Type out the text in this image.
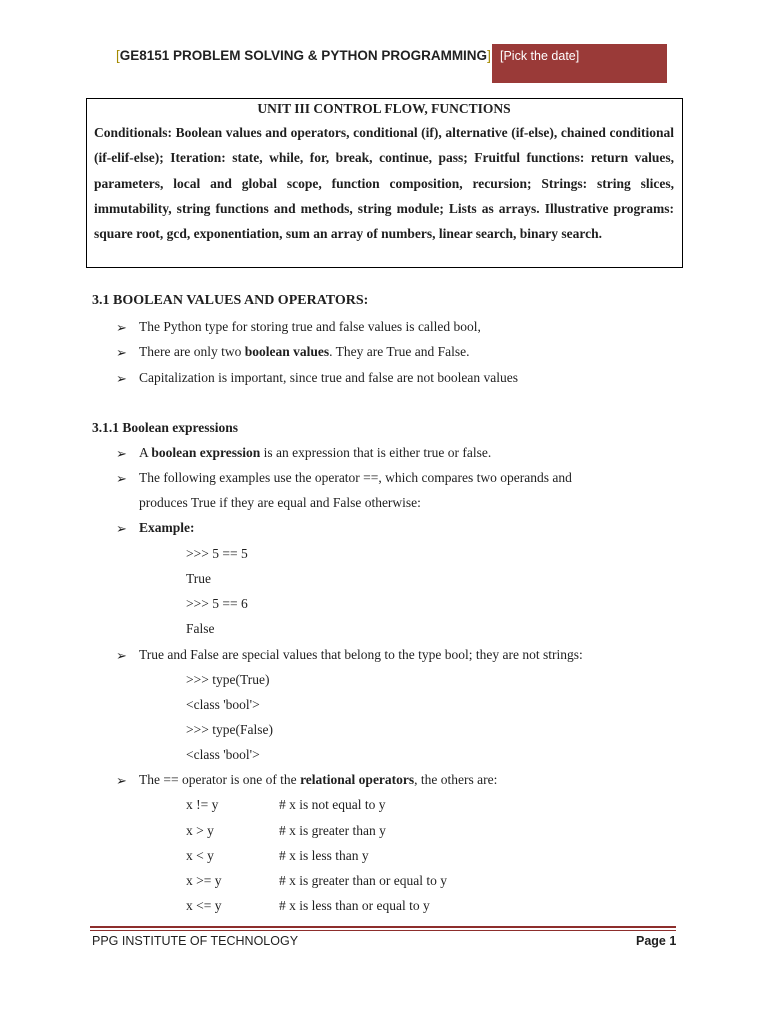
[GE8151 PROBLEM SOLVING & PYTHON PROGRAMMING] [Pick the date]
UNIT III CONTROL FLOW, FUNCTIONS
Conditionals: Boolean values and operators, conditional (if), alternative (if-else), chained conditional (if-elif-else); Iteration: state, while, for, break, continue, pass; Fruitful functions: return values, parameters, local and global scope, function composition, recursion; Strings: string slices, immutability, string functions and methods, string module; Lists as arrays. Illustrative programs: square root, gcd, exponentiation, sum an array of numbers, linear search, binary search.
3.1 BOOLEAN VALUES AND OPERATORS:
➢ The Python type for storing true and false values is called bool,
➢ There are only two boolean values. They are True and False.
➢ Capitalization is important, since true and false are not boolean values
3.1.1 Boolean expressions
➢ A boolean expression is an expression that is either true or false.
➢ The following examples use the operator ==, which compares two operands and
produces True if they are equal and False otherwise:
➢ Example:
>>> 5 == 5
True
>>> 5 == 6
False
➢ True and False are special values that belong to the type bool; they are not strings:
>>> type(True)
<class 'bool'>
>>> type(False)
<class 'bool'>
➢ The == operator is one of the relational operators, the others are:
x != y	# x is not equal to y
x > y	# x is greater than y
x < y	# x is less than y
x >= y	# x is greater than or equal to y
x <= y	# x is less than or equal to y
PPG INSTITUTE OF TECHNOLOGY	Page 1
